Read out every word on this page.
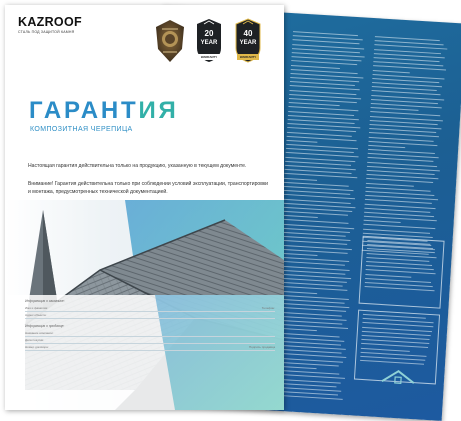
KAZROOF
СТАЛЬ ПОД ЗАЩИТОЙ КАМНЯ	20
YEAR
WARRANTY
40
YEAR
WARRANTY
ГАРАНТИЯ
КОМПОЗИТНАЯ ЧЕРЕПИЦА

Настоящая гарантия действительна только на продукцию, указанную в текущем документе.

Внимание! Гарантия действительна только при соблюдении условий эксплуатации, транспортировки и монтажа, предусмотренных технической документацией.

Информация о заказчике:
Имя и фамилия:	Телефон:
Адрес объекта:
Информация о продавце:
Название компании:
Дата покупки:
Номер договора:	Подпись продавца
